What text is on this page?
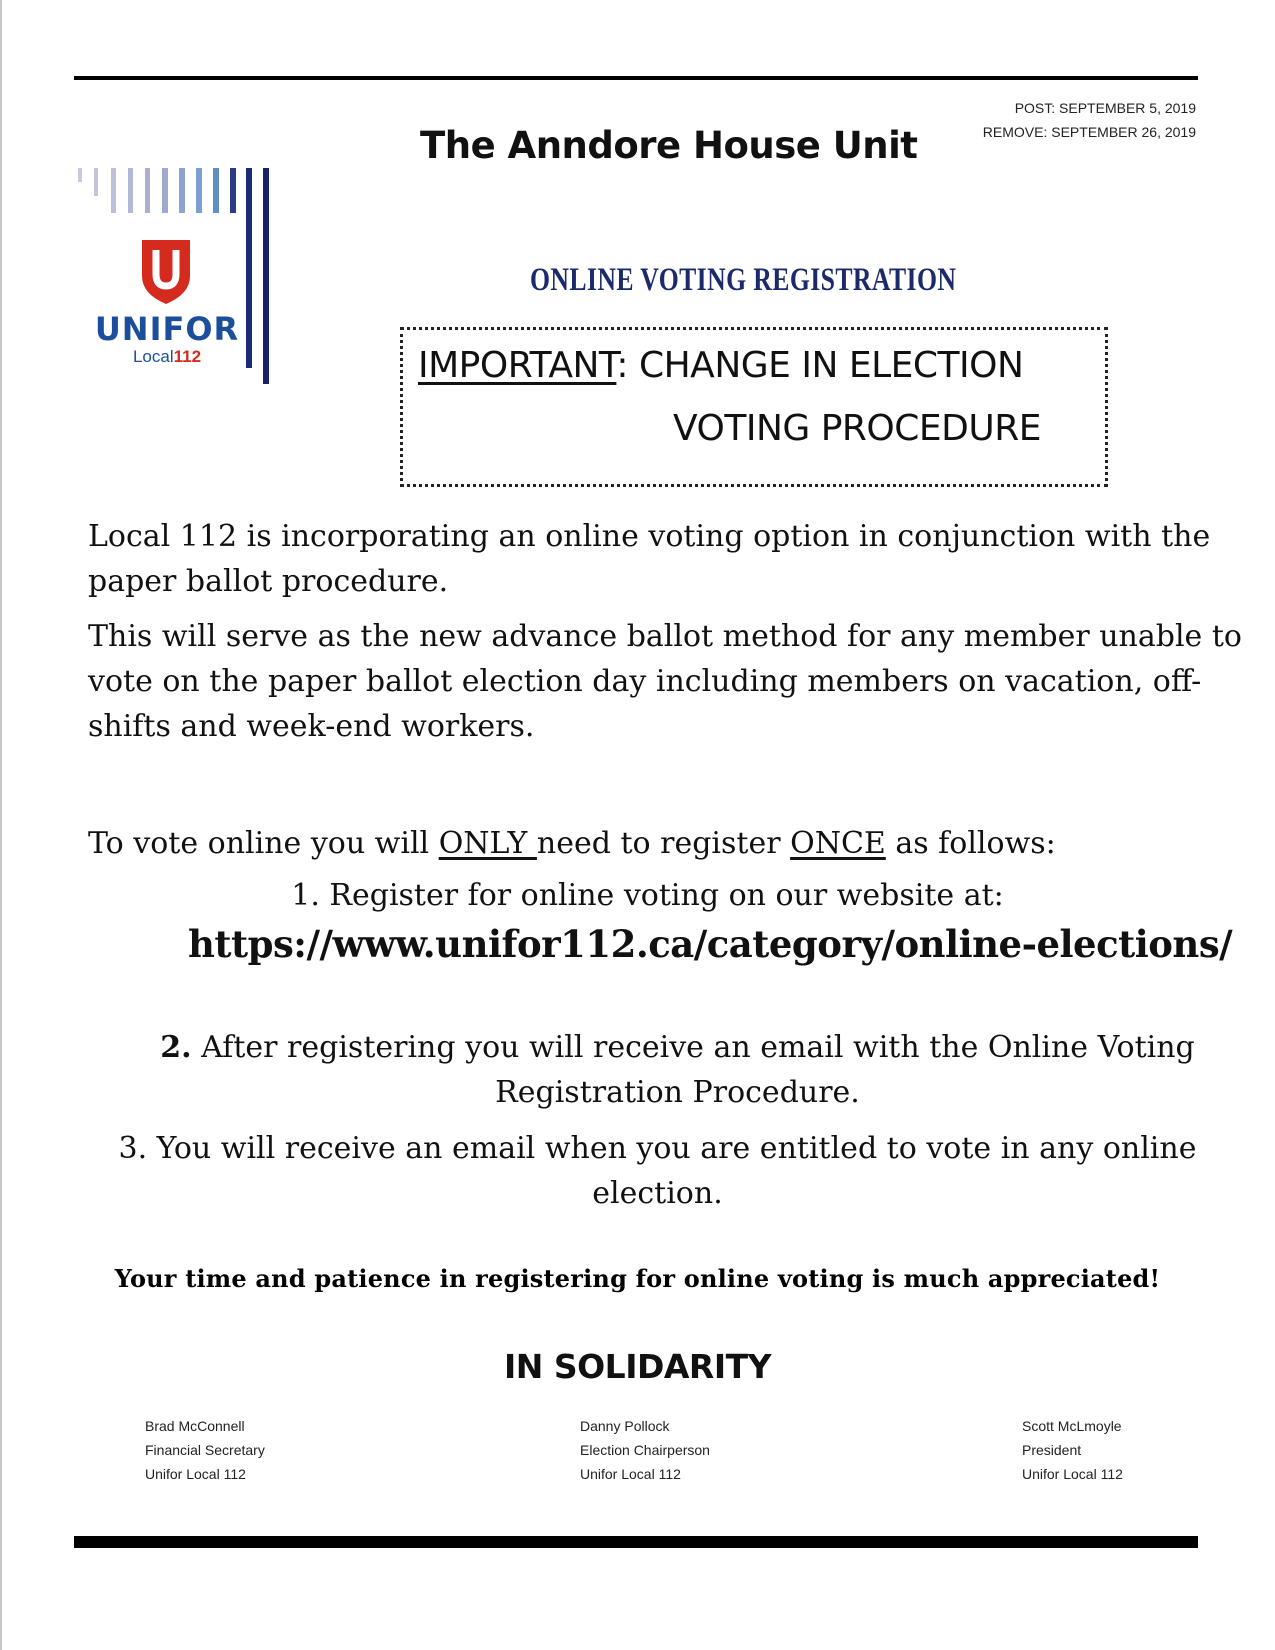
POST: SEPTEMBER 5, 2019
REMOVE: SEPTEMBER 26, 2019
The Anndore House Unit
UNIFOR
Local112
ONLINE VOTING REGISTRATION
IMPORTANT: CHANGE IN ELECTION
VOTING PROCEDURE
Local 112 is incorporating an online voting option in conjunction with the paper ballot procedure.
This will serve as the new advance ballot method for any member unable to vote on the paper ballot election day including members on vacation, off-shifts and week-end workers.
To vote online you will ONLY need to register ONCE as follows:
1. Register for online voting on our website at:
https://www.unifor112.ca/category/online-elections/
2. After registering you will receive an email with the Online Voting Registration Procedure.
3. You will receive an email when you are entitled to vote in any online election.
Your time and patience in registering for online voting is much appreciated!
IN SOLIDARITY
Brad McConnell
Financial Secretary
Unifor Local 112
Danny Pollock
Election Chairperson
Unifor Local 112
Scott McLmoyle
President
Unifor Local 112
